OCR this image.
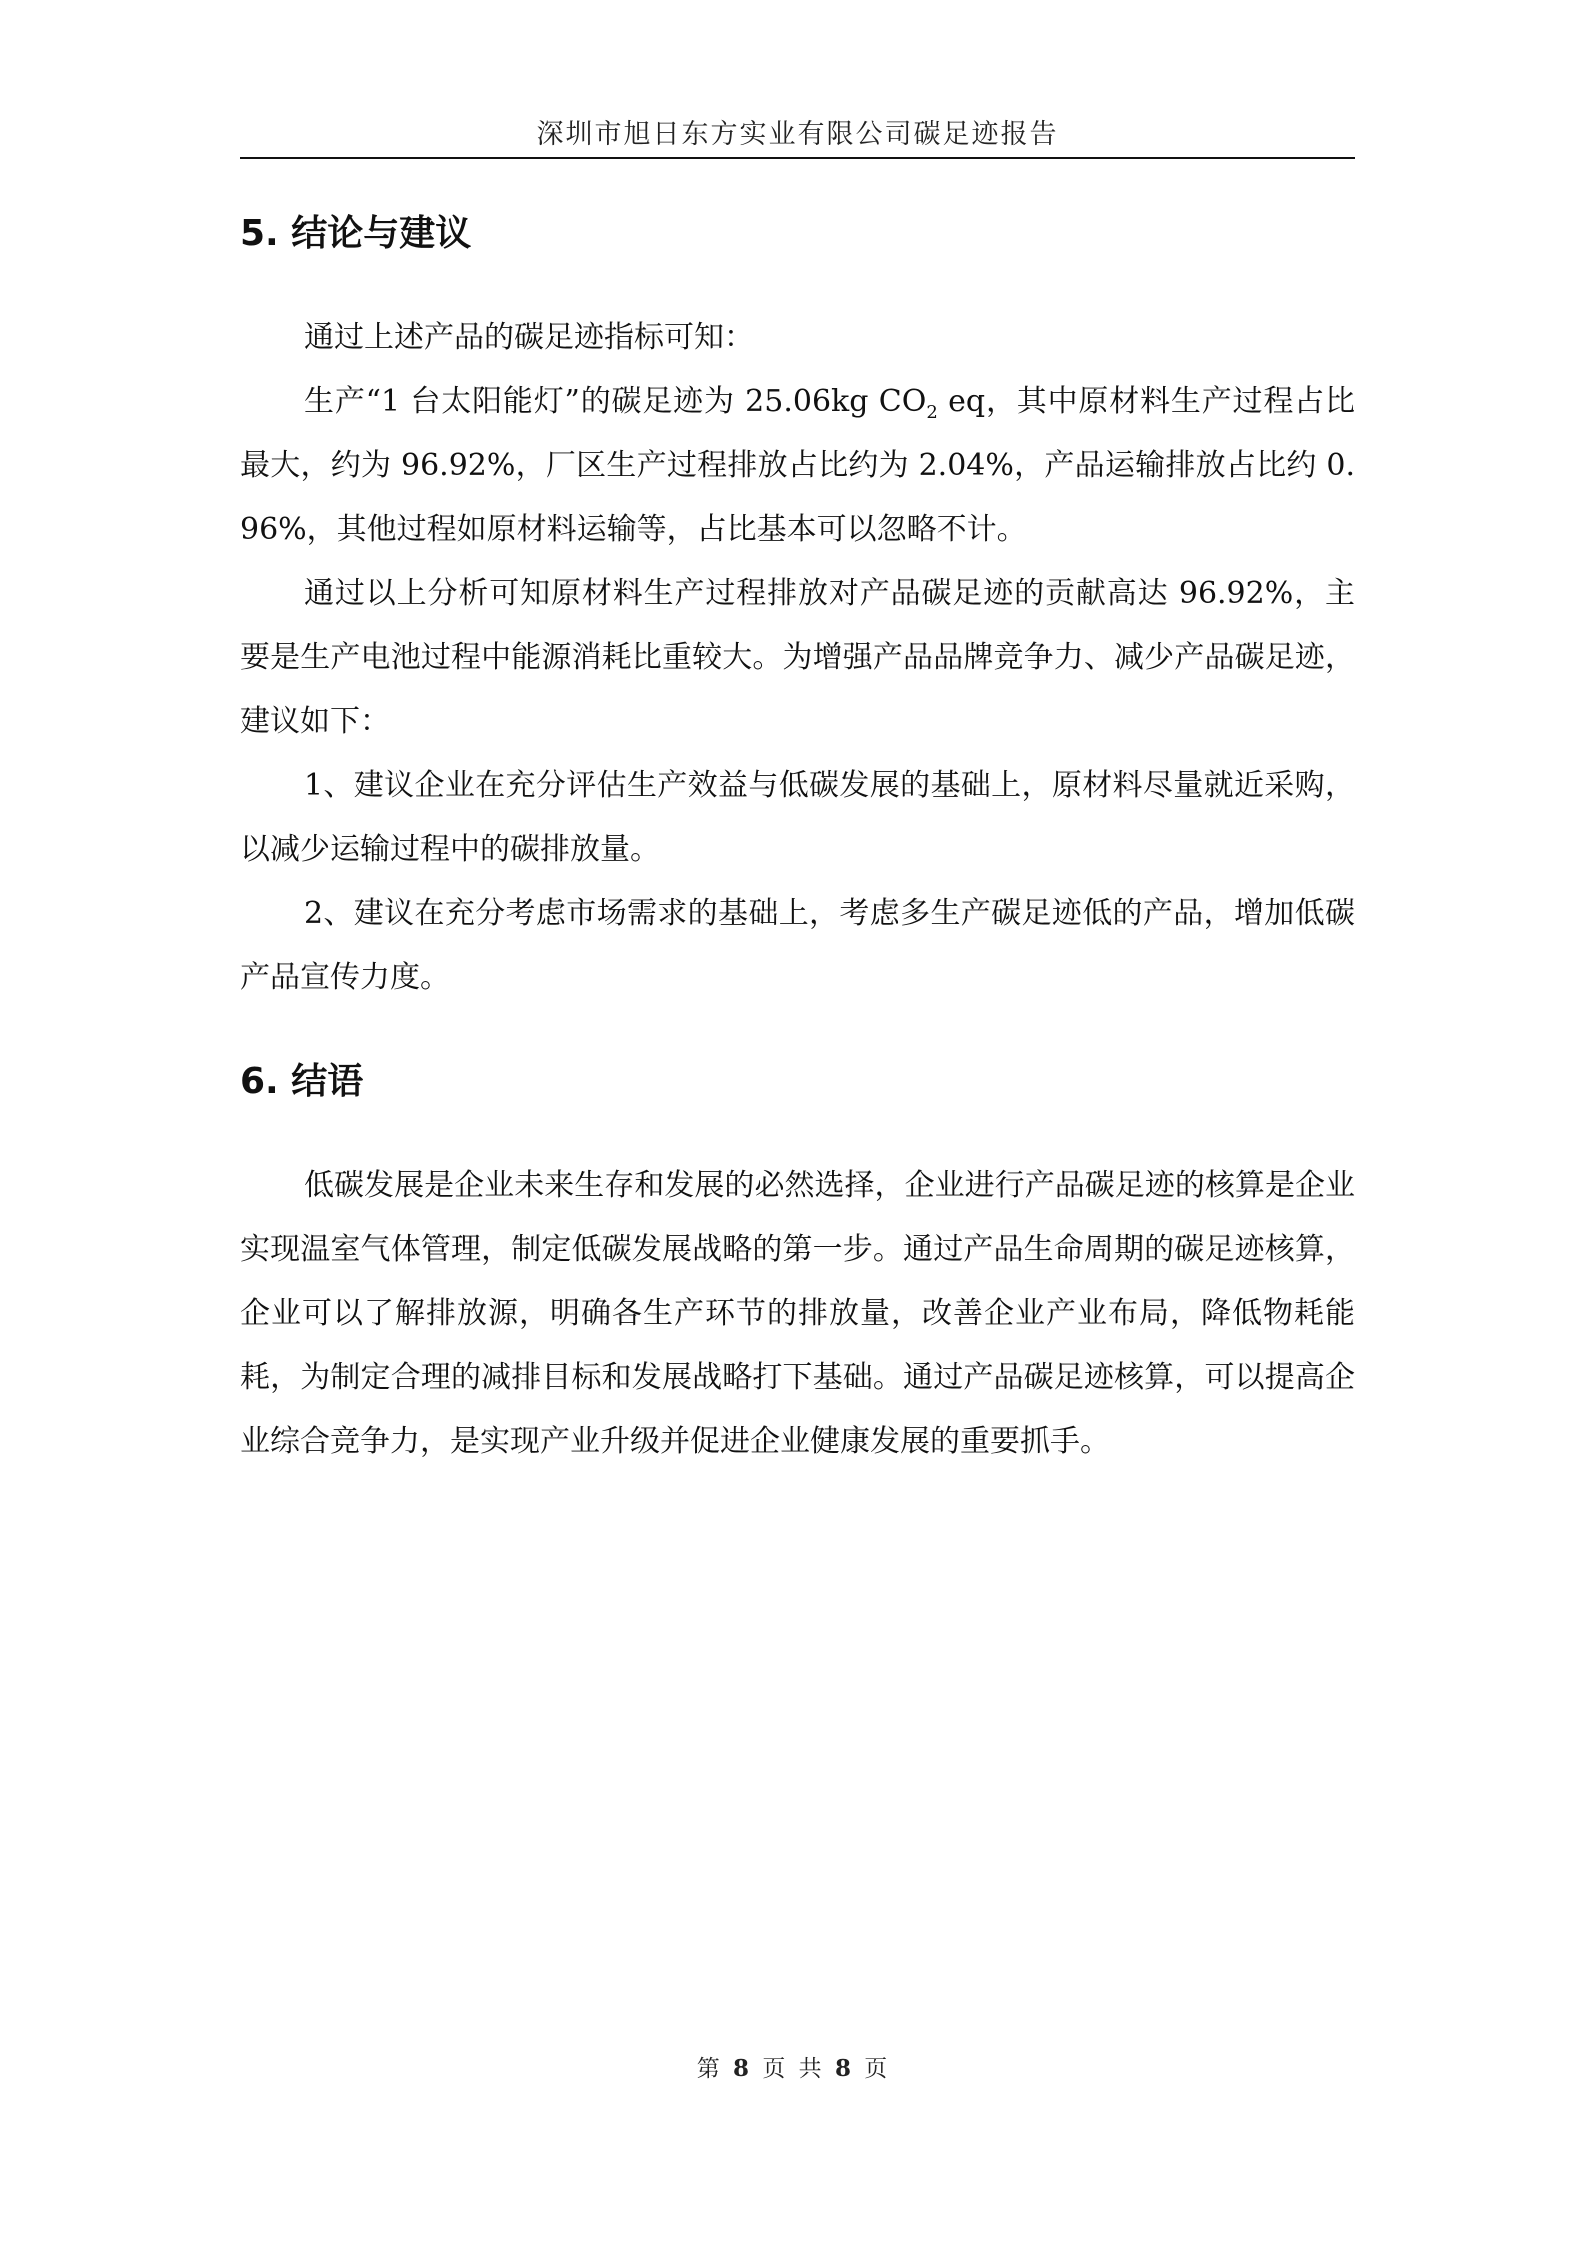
深圳市旭日东方实业有限公司碳足迹报告
5. 结论与建议

通过上述产品的碳足迹指标可知：

生产“1 台太阳能灯”的碳足迹为 25.06kg $CO_2$ eq，其中原材料生产过程占比最大，约为 96.92%，厂区生产过程排放占比约为 2.04%，产品运输排放占比约 0.96%，其他过程如原材料运输等，占比基本可以忽略不计。

通过以上分析可知原材料生产过程排放对产品碳足迹的贡献高达 96.92%，主要是生产电池过程中能源消耗比重较大。为增强产品品牌竞争力、减少产品碳足迹，建议如下：

1、建议企业在充分评估生产效益与低碳发展的基础上，原材料尽量就近采购，以减少运输过程中的碳排放量。

2、建议在充分考虑市场需求的基础上，考虑多生产碳足迹低的产品，增加低碳产品宣传力度。

6. 结语

低碳发展是企业未来生存和发展的必然选择，企业进行产品碳足迹的核算是企业实现温室气体管理，制定低碳发展战略的第一步。通过产品生命周期的碳足迹核算，企业可以了解排放源，明确各生产环节的排放量，改善企业产业布局，降低物耗能耗，为制定合理的减排目标和发展战略打下基础。通过产品碳足迹核算，可以提高企业综合竞争力，是实现产业升级并促进企业健康发展的重要抓手。

第 8 页 共 8 页
